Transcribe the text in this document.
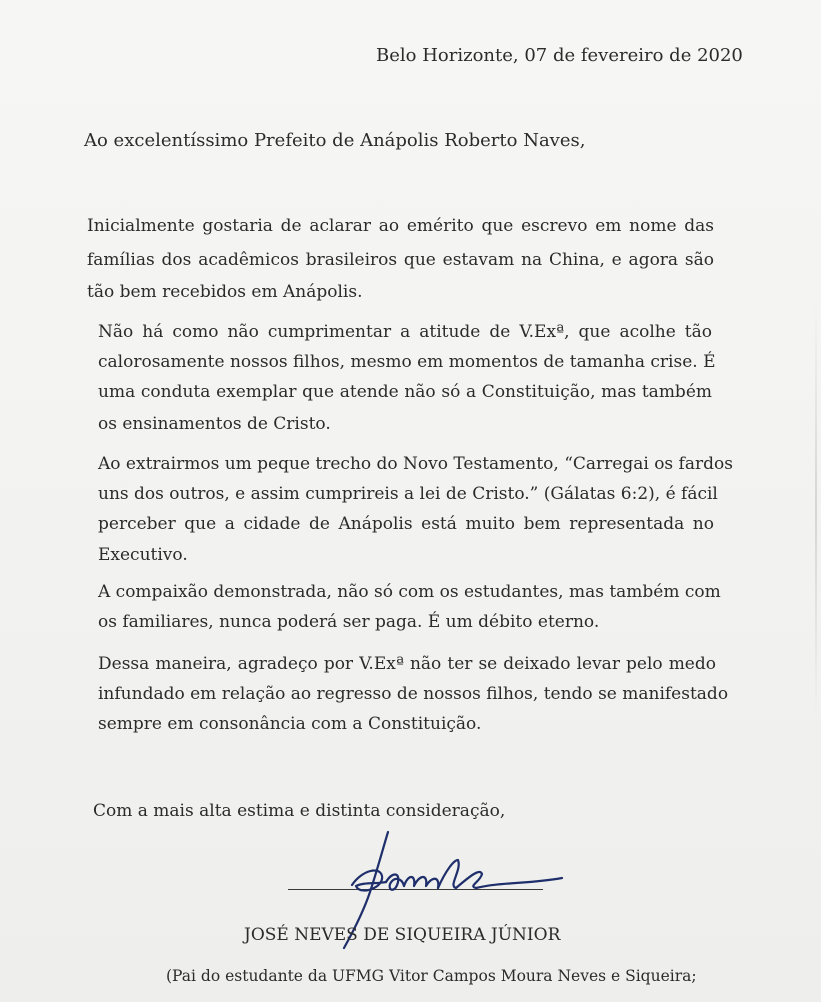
Belo Horizonte, 07 de fevereiro de 2020

Ao excelentíssimo Prefeito de Anápolis Roberto Naves,

Inicialmente gostaria de aclarar ao emérito que escrevo em nome das

famílias dos acadêmicos brasileiros que estavam na China, e agora são

tão bem recebidos em Anápolis.

Não há como não cumprimentar a atitude de V.Exª, que acolhe tão

calorosamente nossos filhos, mesmo em momentos de tamanha crise. É

uma conduta exemplar que atende não só a Constituição, mas também

os ensinamentos de Cristo.

Ao extrairmos um peque trecho do Novo Testamento, “Carregai os fardos

uns dos outros, e assim cumprireis a lei de Cristo.” (Gálatas 6:2), é fácil

perceber que a cidade de Anápolis está muito bem representada no

Executivo.

A compaixão demonstrada, não só com os estudantes, mas também com

os familiares, nunca poderá ser paga. É um débito eterno.

Dessa maneira, agradeço por V.Exª não ter se deixado levar pelo medo

infundado em relação ao regresso de nossos filhos, tendo se manifestado

sempre em consonância com a Constituição.

Com a mais alta estima e distinta consideração,

JOSÉ NEVES DE SIQUEIRA JÚNIOR

(Pai do estudante da UFMG Vitor Campos Moura Neves e Siqueira;
